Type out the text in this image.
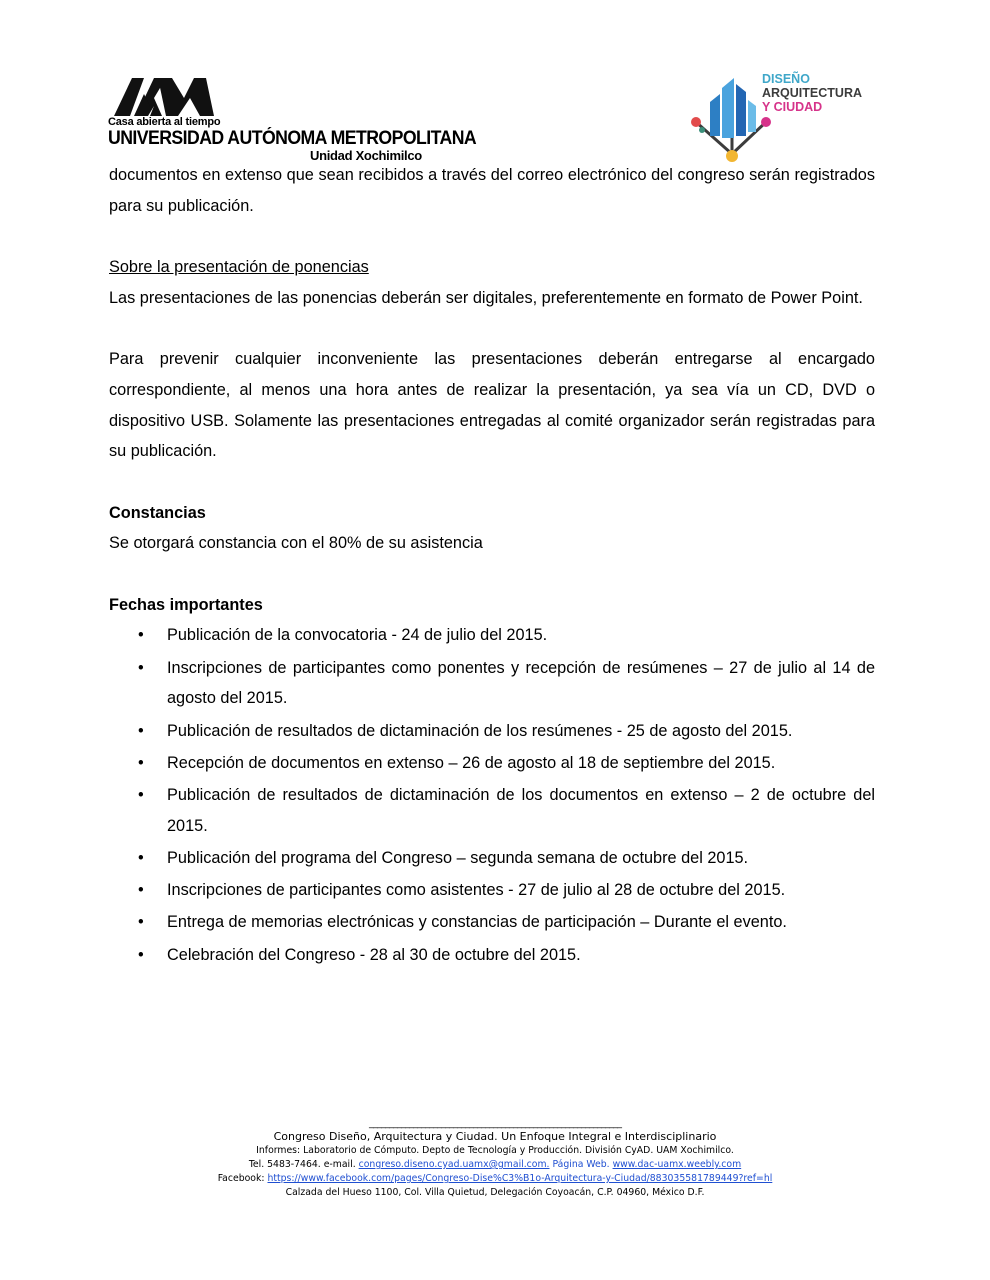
Casa abierta al tiempo
UNIVERSIDAD AUTÓNOMA METROPOLITANA
Unidad Xochimilco
DISEÑO
ARQUITECTURA
Y CIUDAD

documentos en extenso que sean recibidos a través del correo electrónico del congreso serán registrados para su publicación.

Sobre la presentación de ponencias

Las presentaciones de las ponencias deberán ser digitales, preferentemente en formato de Power Point.

Para prevenir cualquier inconveniente las presentaciones deberán entregarse al encargado correspondiente, al menos una hora antes de realizar la presentación, ya sea vía un CD, DVD o dispositivo USB. Solamente las presentaciones entregadas al comité organizador serán registradas para su publicación.

Constancias

Se otorgará constancia con el 80% de su asistencia

Fechas importantes

• Publicación de la convocatoria - 24 de julio del 2015.
• Inscripciones de participantes como ponentes y recepción de resúmenes – 27 de julio al 14 de agosto del 2015.
• Publicación de resultados de dictaminación de los resúmenes - 25 de agosto del 2015.
• Recepción de documentos en extenso – 26 de agosto al 18 de septiembre del 2015.
• Publicación de resultados de dictaminación de los documentos en extenso – 2 de octubre del 2015.
• Publicación del programa del Congreso – segunda semana de octubre del 2015.
• Inscripciones de participantes como asistentes - 27 de julio al 28 de octubre del 2015.
• Entrega de memorias electrónicas y constancias de participación – Durante el evento.
• Celebración del Congreso - 28 al 30 de octubre del 2015.
_______________________________________________________________
Congreso Diseño, Arquitectura y Ciudad. Un Enfoque Integral e Interdisciplinario
Informes: Laboratorio de Cómputo. Depto de Tecnología y Producción. División CyAD. UAM Xochimilco.
Tel. 5483-7464. e-mail. congreso.diseno.cyad.uamx@gmail.com. Página Web. www.dac-uamx.weebly.com
Facebook: https://www.facebook.com/pages/Congreso-Dise%C3%B1o-Arquitectura-y-Ciudad/883035581789449?ref=hl
Calzada del Hueso 1100, Col. Villa Quietud, Delegación Coyoacán, C.P. 04960, México D.F.
